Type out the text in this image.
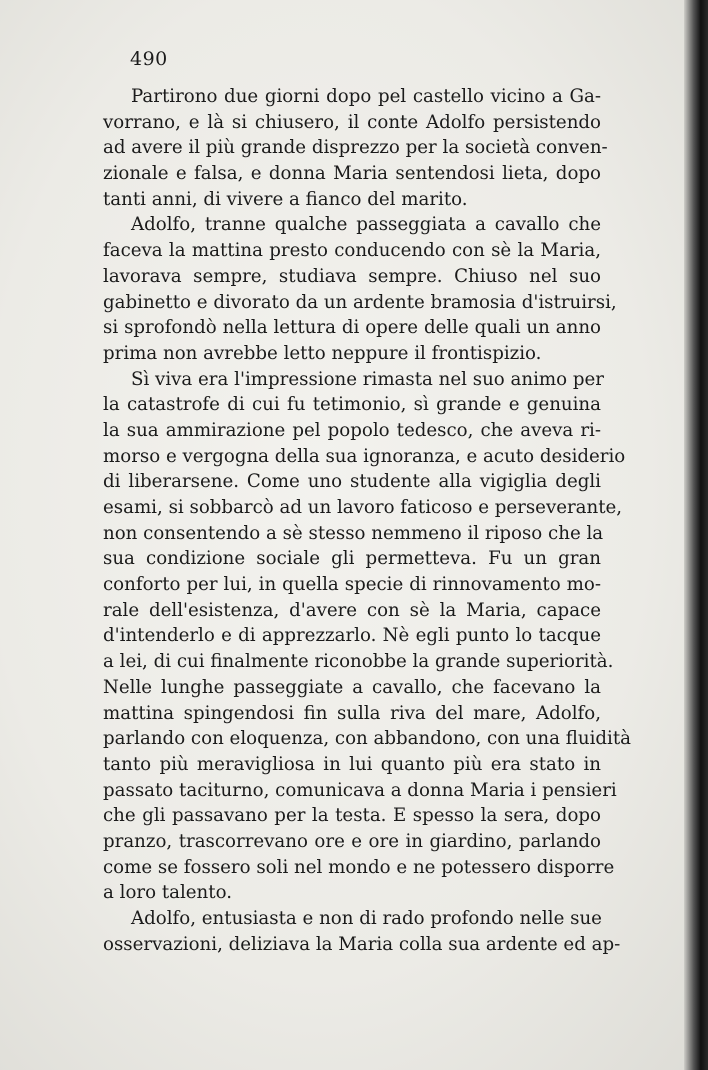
490
Partirono due giorni dopo pel castello vicino a Ga-
vorrano, e là si chiusero, il conte Adolfo persistendo
ad avere il più grande disprezzo per la società conven-
zionale e falsa, e donna Maria sentendosi lieta, dopo
tanti anni, di vivere a fianco del marito.
Adolfo, tranne qualche passeggiata a cavallo che
faceva la mattina presto conducendo con sè la Maria,
lavorava sempre, studiava sempre. Chiuso nel suo
gabinetto e divorato da un ardente bramosia d'istruirsi,
si sprofondò nella lettura di opere delle quali un anno
prima non avrebbe letto neppure il frontispizio.
Sì viva era l'impressione rimasta nel suo animo per
la catastrofe di cui fu tetimonio, sì grande e genuina
la sua ammirazione pel popolo tedesco, che aveva ri-
morso e vergogna della sua ignoranza, e acuto desiderio
di liberarsene. Come uno studente alla vigiglia degli
esami, si sobbarcò ad un lavoro faticoso e perseverante,
non consentendo a sè stesso nemmeno il riposo che la
sua condizione sociale gli permetteva. Fu un gran
conforto per lui, in quella specie di rinnovamento mo-
rale dell'esistenza, d'avere con sè la Maria, capace
d'intenderlo e di apprezzarlo. Nè egli punto lo tacque
a lei, di cui finalmente riconobbe la grande superiorità.
Nelle lunghe passeggiate a cavallo, che facevano la
mattina spingendosi fin sulla riva del mare, Adolfo,
parlando con eloquenza, con abbandono, con una fluidità
tanto più meravigliosa in lui quanto più era stato in
passato taciturno, comunicava a donna Maria i pensieri
che gli passavano per la testa. E spesso la sera, dopo
pranzo, trascorrevano ore e ore in giardino, parlando
come se fossero soli nel mondo e ne potessero disporre
a loro talento.
Adolfo, entusiasta e non di rado profondo nelle sue
osservazioni, deliziava la Maria colla sua ardente ed ap-
